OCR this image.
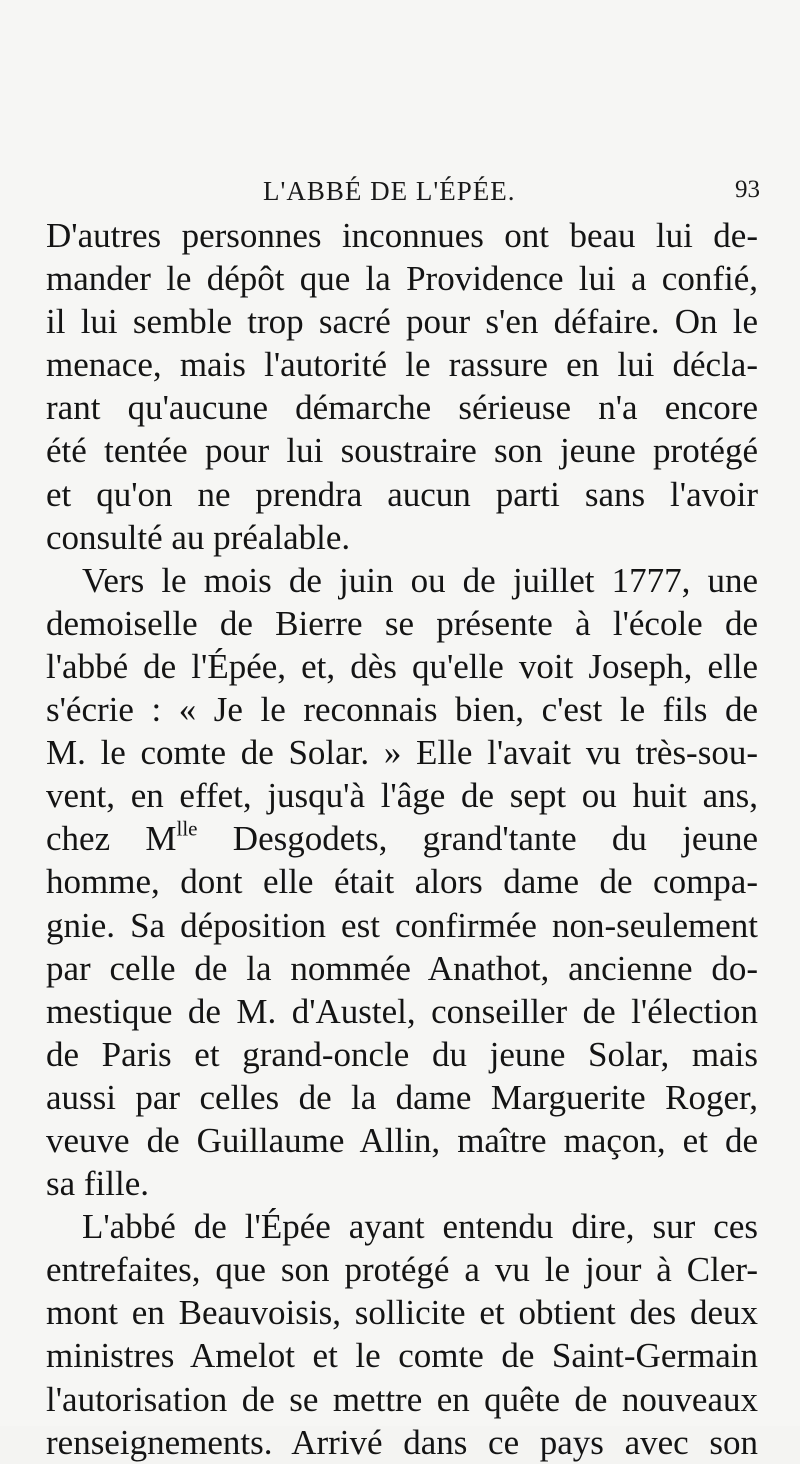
L'ABBÉ DE L'ÉPÉE.	93
D'autres personnes inconnues ont beau lui de-
mander le dépôt que la Providence lui a confié,
il lui semble trop sacré pour s'en défaire. On le
menace, mais l'autorité le rassure en lui décla-
rant qu'aucune démarche sérieuse n'a encore
été tentée pour lui soustraire son jeune protégé
et qu'on ne prendra aucun parti sans l'avoir
consulté au préalable.
Vers le mois de juin ou de juillet 1777, une
demoiselle de Bierre se présente à l'école de
l'abbé de l'Épée, et, dès qu'elle voit Joseph, elle
s'écrie : « Je le reconnais bien, c'est le fils de
M. le comte de Solar. » Elle l'avait vu très-sou-
vent, en effet, jusqu'à l'âge de sept ou huit ans,
chez $M^{lle}$ Desgodets, grand'tante du jeune
homme, dont elle était alors dame de compa-
gnie. Sa déposition est confirmée non-seulement
par celle de la nommée Anathot, ancienne do-
mestique de M. d'Austel, conseiller de l'élection
de Paris et grand-oncle du jeune Solar, mais
aussi par celles de la dame Marguerite Roger,
veuve de Guillaume Allin, maître maçon, et de
sa fille.
L'abbé de l'Épée ayant entendu dire, sur ces
entrefaites, que son protégé a vu le jour à Cler-
mont en Beauvoisis, sollicite et obtient des deux
ministres Amelot et le comte de Saint-Germain
l'autorisation de se mettre en quête de nouveaux
renseignements. Arrivé dans ce pays avec son
